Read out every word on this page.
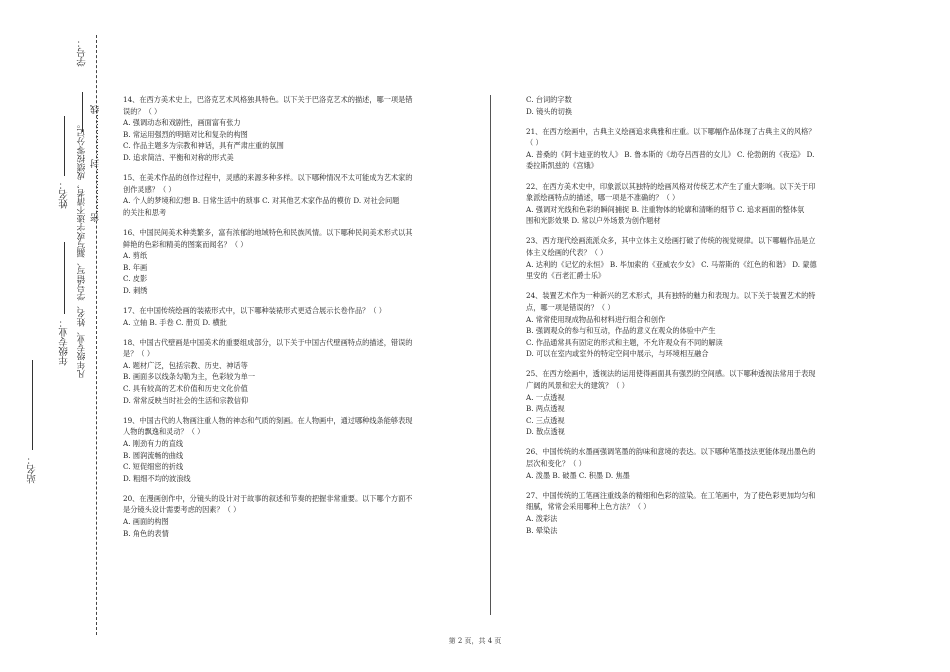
学号：
姓名：
年级专业：
站名：
密……………封……………线
凡年级专业、姓名、学号错写、漏写或字迹不清者，成绩按零分记。
14、在西方美术史上，巴洛克艺术风格独具特色。以下关于巴洛克艺术的描述，哪一项是错
误的？（ ）
A. 强调动态和戏剧性，画面富有张力
B. 常运用强烈的明暗对比和复杂的构图
C. 作品主题多为宗教和神话，具有严肃庄重的氛围
D. 追求简洁、平衡和对称的形式美
15、在美术作品的创作过程中，灵感的来源多种多样。以下哪种情况不太可能成为艺术家的
创作灵感？（ ）
A. 个人的梦境和幻想 B. 日常生活中的琐事 C. 对其他艺术家作品的模仿 D. 对社会问题
的关注和思考
16、中国民间美术种类繁多，富有浓郁的地域特色和民族风情。以下哪种民间美术形式以其
鲜艳的色彩和精美的图案而闻名？（ ）
A. 剪纸
B. 年画
C. 皮影
D. 刺绣
17、在中国传统绘画的装裱形式中，以下哪种装裱形式更适合展示长卷作品？（ ）
A. 立轴 B. 手卷 C. 册页 D. 横批
18、中国古代壁画是中国美术的重要组成部分，以下关于中国古代壁画特点的描述，错误的
是？（ ）
A. 题材广泛，包括宗教、历史、神话等
B. 画面多以线条勾勒为主，色彩较为单一
C. 具有较高的艺术价值和历史文化价值
D. 常常反映当时社会的生活和宗教信仰
19、中国古代的人物画注重人物的神态和气质的刻画。在人物画中，通过哪种线条能够表现
人物的飘逸和灵动？（ ）
A. 刚劲有力的直线
B. 圆润流畅的曲线
C. 短促细密的折线
D. 粗细不均的波浪线
20、在漫画创作中，分镜头的设计对于故事的叙述和节奏的把握非常重要。以下哪个方面不
是分镜头设计需要考虑的因素？（ ）
A. 画面的构图
B. 角色的表情
C. 台词的字数
D. 镜头的切换
21、在西方绘画中，古典主义绘画追求典雅和庄重。以下哪幅作品体现了古典主义的风格？
（ ）
A. 普桑的《阿卡迪亚的牧人》 B. 鲁本斯的《劫夺吕西普的女儿》 C. 伦勃朗的《夜巡》 D.
委拉斯凯兹的《宫娥》
22、在西方美术史中，印象派以其独特的绘画风格对传统艺术产生了重大影响。以下关于印
象派绘画特点的描述，哪一项是不准确的？（ ）
A. 强调对光线和色彩的瞬间捕捉 B. 注重物体的轮廓和清晰的细节 C. 追求画面的整体氛
围和光影效果 D. 常以户外场景为创作题材
23、西方现代绘画流派众多，其中立体主义绘画打破了传统的视觉规律。以下哪幅作品是立
体主义绘画的代表？（ ）
A. 达利的《记忆的永恒》 B. 毕加索的《亚威农少女》 C. 马蒂斯的《红色的和谐》 D. 蒙德
里安的《百老汇爵士乐》
24、装置艺术作为一种新兴的艺术形式，具有独特的魅力和表现力。以下关于装置艺术的特
点，哪一项是错误的？（ ）
A. 常常使用现成物品和材料进行组合和创作
B. 强调观众的参与和互动，作品的意义在观众的体验中产生
C. 作品通常具有固定的形式和主题，不允许观众有不同的解读
D. 可以在室内或室外的特定空间中展示，与环境相互融合
25、在西方绘画中，透视法的运用使得画面具有强烈的空间感。以下哪种透视法常用于表现
广阔的风景和宏大的建筑？（ ）
A. 一点透视
B. 两点透视
C. 三点透视
D. 散点透视
26、中国传统的水墨画强调笔墨的韵味和意境的表达。以下哪种笔墨技法更能体现出墨色的
层次和变化？（ ）
A. 泼墨 B. 破墨 C. 积墨 D. 焦墨
27、中国传统的工笔画注重线条的精细和色彩的渲染。在工笔画中，为了使色彩更加均匀和
细腻，常常会采用哪种上色方法？（ ）
A. 泼彩法
B. 晕染法
第 2 页，共 4 页
